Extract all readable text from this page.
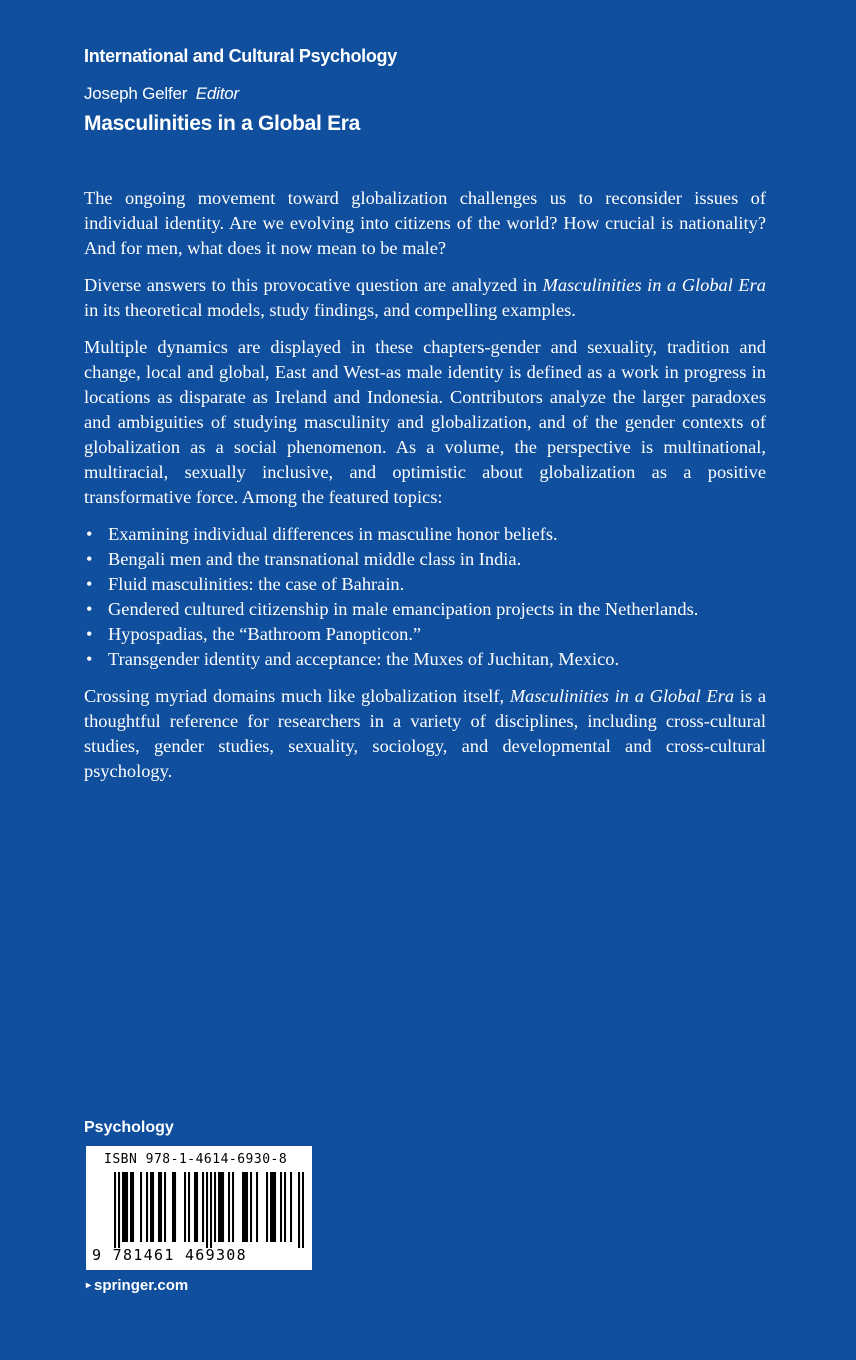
International and Cultural Psychology
Joseph Gelfer Editor
Masculinities in a Global Era

The ongoing movement toward globalization challenges us to reconsider issues of individual identity. Are we evolving into citizens of the world? How crucial is nationality? And for men, what does it now mean to be male?

Diverse answers to this provocative question are analyzed in Masculinities in a Global Era in its theoretical models, study findings, and compelling examples.

Multiple dynamics are displayed in these chapters-gender and sexuality, tradition and change, local and global, East and West-as male identity is defined as a work in progress in locations as disparate as Ireland and Indonesia. Contributors analyze the larger paradoxes and ambiguities of studying masculinity and globalization, and of the gender contexts of globalization as a social phenomenon. As a volume, the perspective is multinational, multiracial, sexually inclusive, and optimistic about globalization as a positive transformative force. Among the featured topics:

• Examining individual differences in masculine honor beliefs.
• Bengali men and the transnational middle class in India.
• Fluid masculinities: the case of Bahrain.
• Gendered cultured citizenship in male emancipation projects in the Netherlands.
• Hypospadias, the “Bathroom Panopticon.”
• Transgender identity and acceptance: the Muxes of Juchitan, Mexico.

Crossing myriad domains much like globalization itself, Masculinities in a Global Era is a thoughtful reference for researchers in a variety of disciplines, including cross-cultural studies, gender studies, sexuality, sociology, and developmental and cross-cultural psychology.

Psychology
ISBN 978-1-4614-6930-8
9 781461 469308
▸ springer.com
